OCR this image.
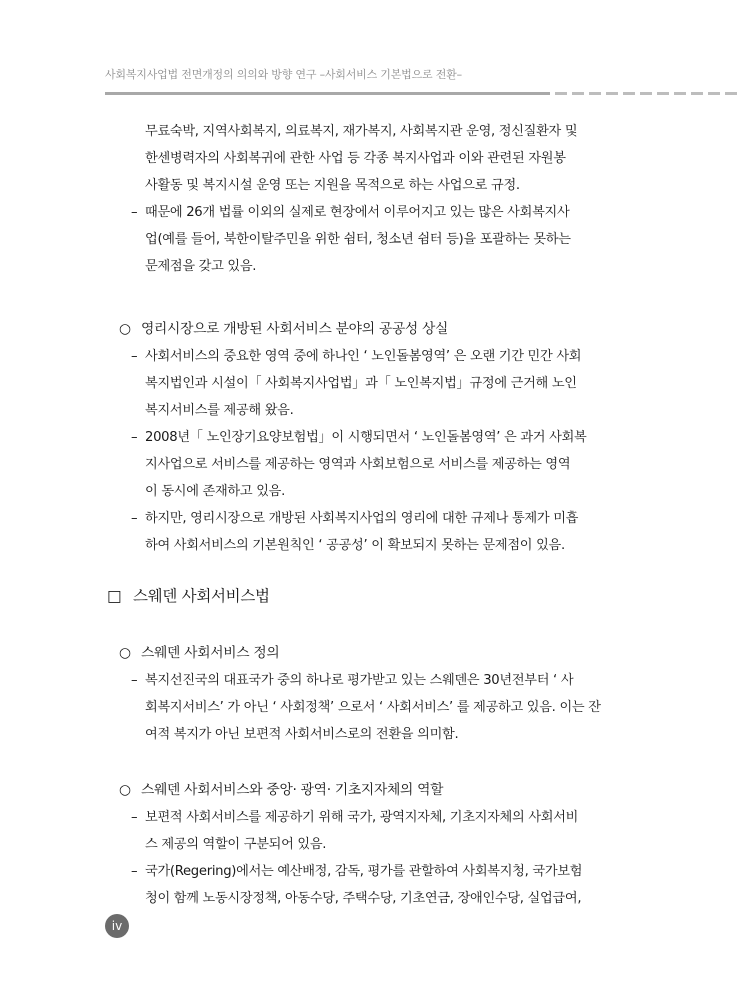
사회복지사업법 전면개정의 의의와 방향 연구 –사회서비스 기본법으로 전환–
무료숙박, 지역사회복지, 의료복지, 재가복지, 사회복지관 운영, 정신질환자 및
한센병력자의 사회복귀에 관한 사업 등 각종 복지사업과 이와 관련된 자원봉
사활동 및 복지시설 운영 또는 지원을 목적으로 하는 사업으로 규정.
– 때문에 26개 법률 이외의 실제로 현장에서 이루어지고 있는 많은 사회복지사
업(예를 들어, 북한이탈주민을 위한 쉼터, 청소년 쉼터 등)을 포괄하는 못하는
문제점을 갖고 있음.
○ 영리시장으로 개방된 사회서비스 분야의 공공성 상실
– 사회서비스의 중요한 영역 중에 하나인 ‘ 노인돌봄영역’ 은 오랜 기간 민간 사회
복지법인과 시설이「 사회복지사업법」과「 노인복지법」규정에 근거해 노인
복지서비스를 제공해 왔음.
– 2008년「 노인장기요양보험법」이 시행되면서 ‘ 노인돌봄영역’ 은 과거 사회복
지사업으로 서비스를 제공하는 영역과 사회보험으로 서비스를 제공하는 영역
이 동시에 존재하고 있음.
– 하지만, 영리시장으로 개방된 사회복지사업의 영리에 대한 규제나 통제가 미흡
하여 사회서비스의 기본원칙인 ‘ 공공성’ 이 확보되지 못하는 문제점이 있음.
□ 스웨덴 사회서비스법
○ 스웨덴 사회서비스 정의
– 복지선진국의 대표국가 중의 하나로 평가받고 있는 스웨덴은 30년전부터 ‘ 사
회복지서비스’ 가 아닌 ‘ 사회정책’ 으로서 ‘ 사회서비스’ 를 제공하고 있음. 이는 잔
여적 복지가 아닌 보편적 사회서비스로의 전환을 의미함.
○ 스웨덴 사회서비스와 중앙· 광역· 기초지자체의 역할
– 보편적 사회서비스를 제공하기 위해 국가, 광역지자체, 기초지자체의 사회서비
스 제공의 역할이 구분되어 있음.
– 국가(Regering)에서는 예산배정, 감독, 평가를 관할하여 사회복지청, 국가보험
청이 함께 노동시장정책, 아동수당, 주택수당, 기초연금, 장애인수당, 실업급여,
iv
